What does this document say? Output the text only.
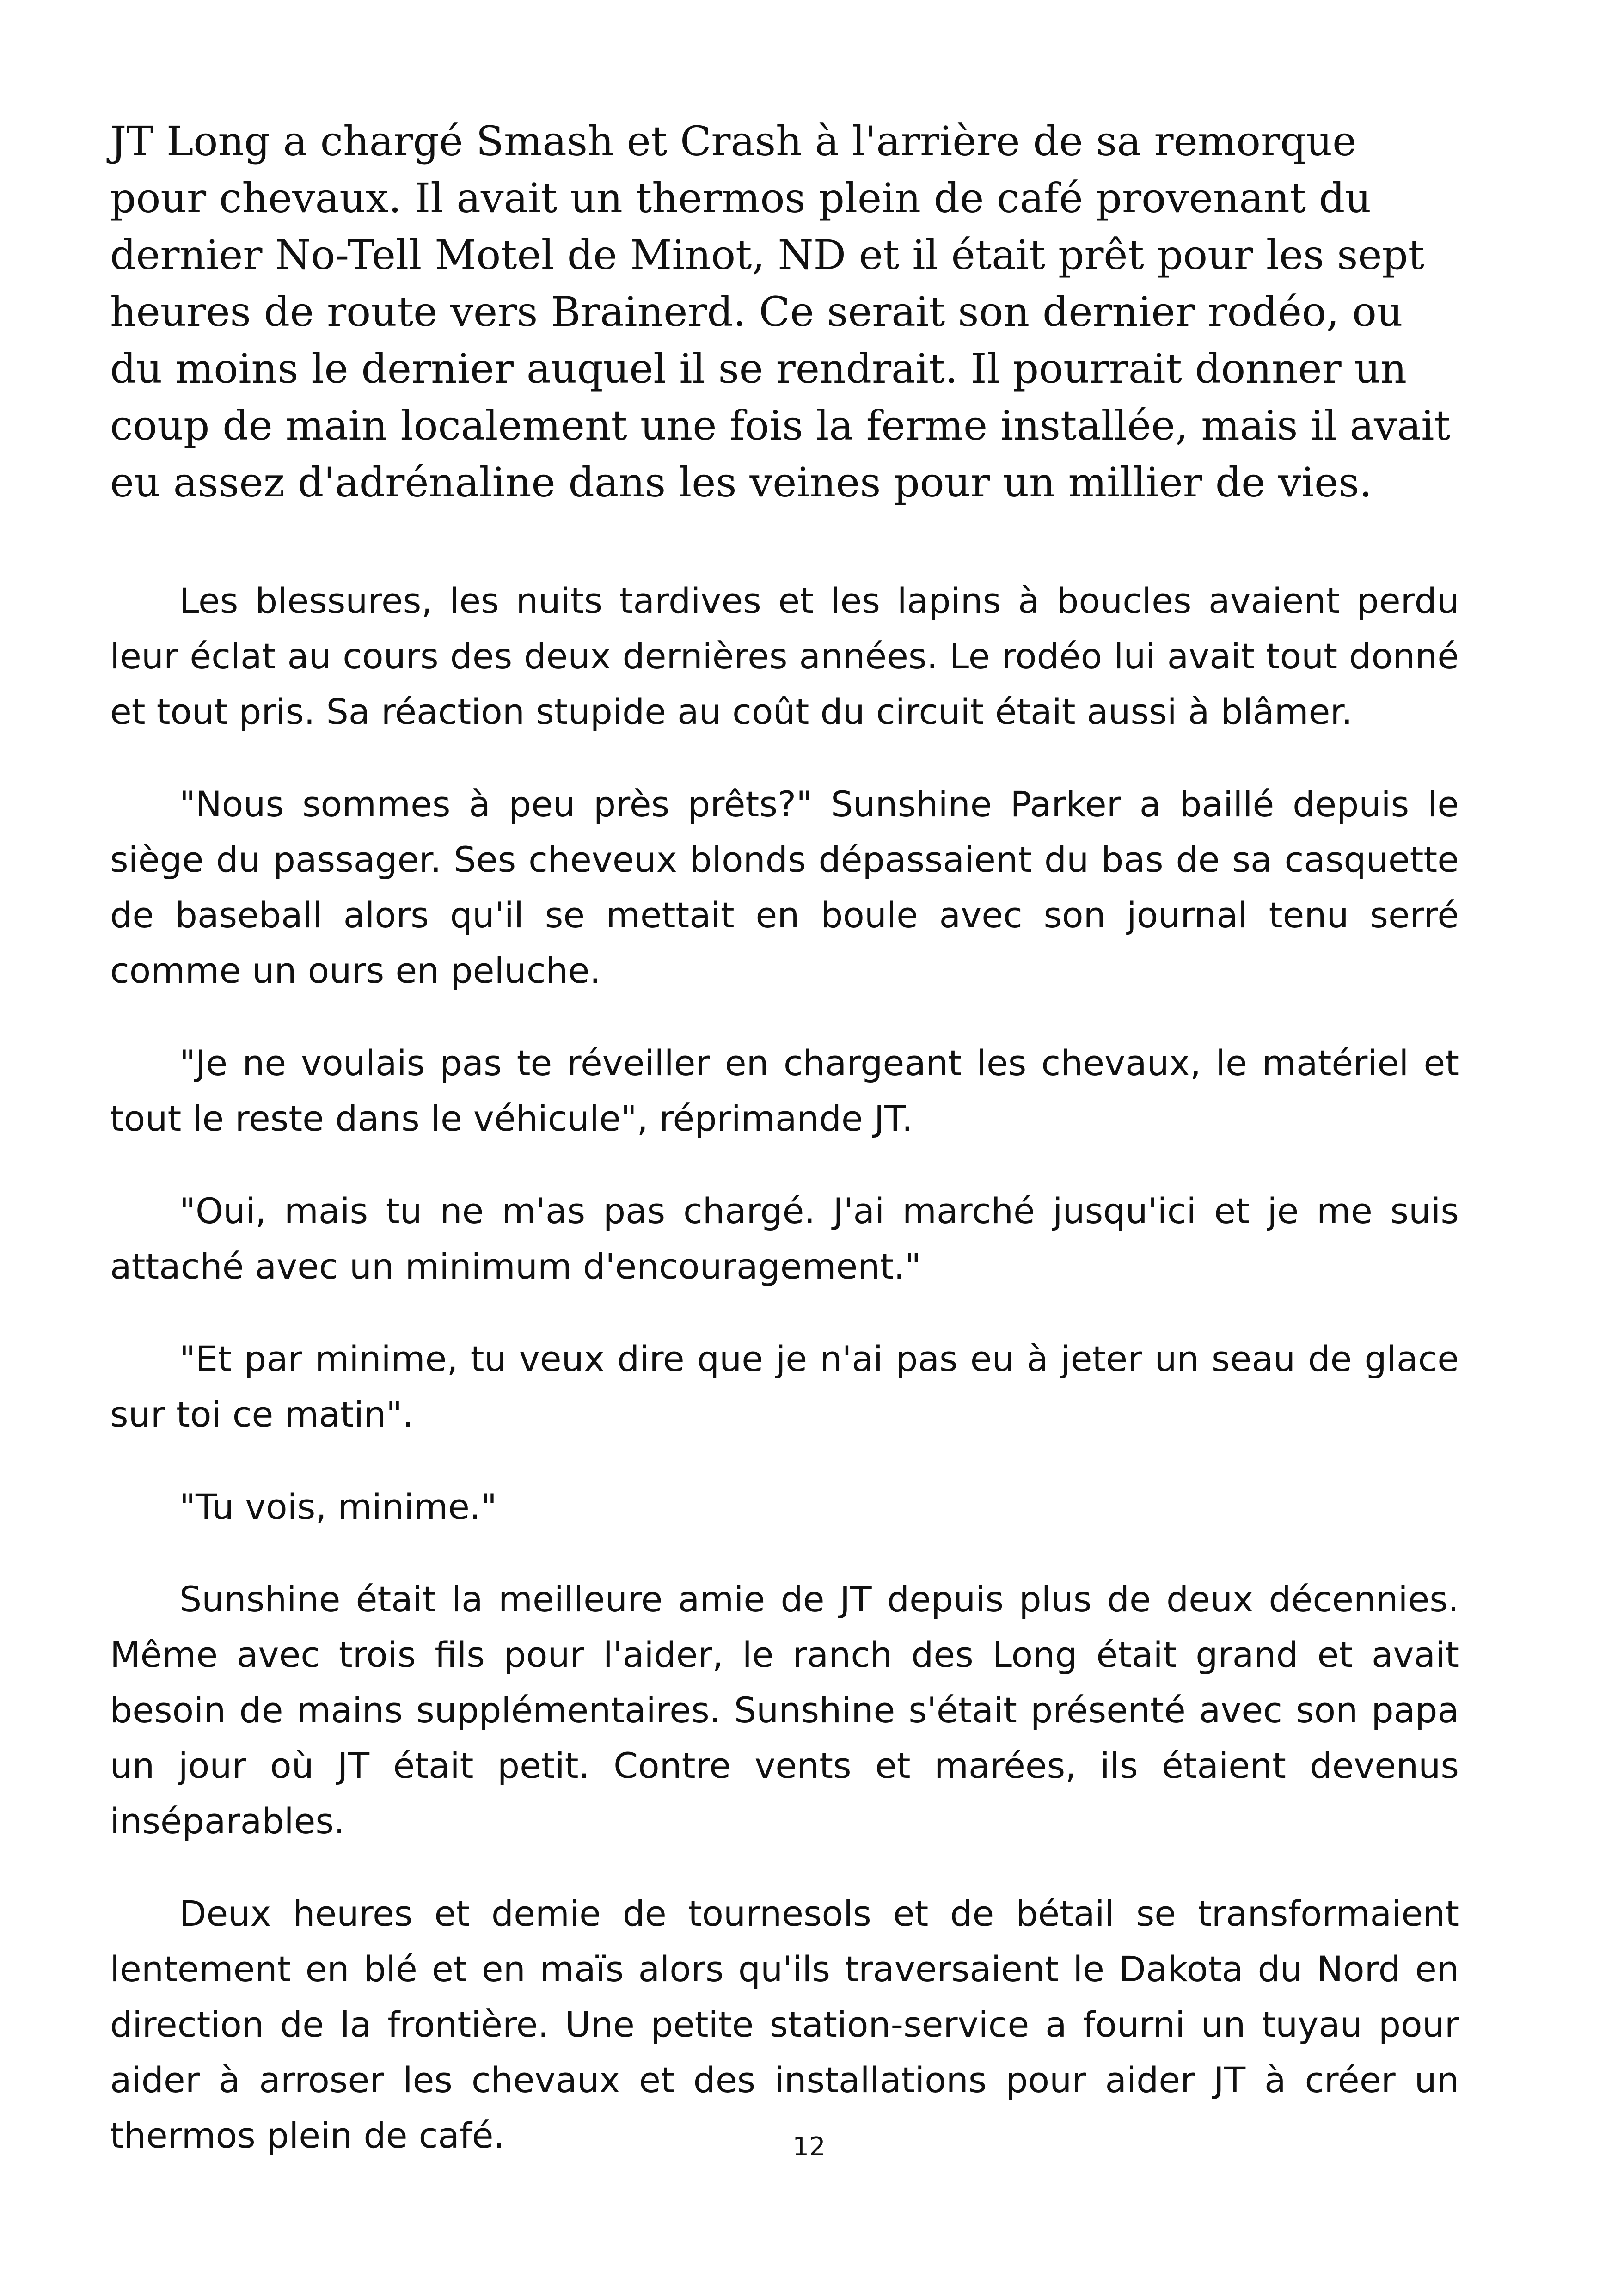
JT Long a chargé Smash et Crash à l'arrière de sa remorque pour chevaux. Il avait un thermos plein de café provenant du dernier No-Tell Motel de Minot, ND et il était prêt pour les sept heures de route vers Brainerd. Ce serait son dernier rodéo, ou du moins le dernier auquel il se rendrait. Il pourrait donner un coup de main localement une fois la ferme installée, mais il avait eu assez d'adrénaline dans les veines pour un millier de vies.

Les blessures, les nuits tardives et les lapins à boucles avaient perdu leur éclat au cours des deux dernières années. Le rodéo lui avait tout donné et tout pris. Sa réaction stupide au coût du circuit était aussi à blâmer.

"Nous sommes à peu près prêts?" Sunshine Parker a baillé depuis le siège du passager. Ses cheveux blonds dépassaient du bas de sa casquette de baseball alors qu'il se mettait en boule avec son journal tenu serré comme un ours en peluche.

"Je ne voulais pas te réveiller en chargeant les chevaux, le matériel et tout le reste dans le véhicule", réprimande JT.

"Oui, mais tu ne m'as pas chargé. J'ai marché jusqu'ici et je me suis attaché avec un minimum d'encouragement."

"Et par minime, tu veux dire que je n'ai pas eu à jeter un seau de glace sur toi ce matin".

"Tu vois, minime."

Sunshine était la meilleure amie de JT depuis plus de deux décennies. Même avec trois fils pour l'aider, le ranch des Long était grand et avait besoin de mains supplémentaires. Sunshine s'était présenté avec son papa un jour où JT était petit. Contre vents et marées, ils étaient devenus inséparables.

Deux heures et demie de tournesols et de bétail se transformaient lentement en blé et en maïs alors qu'ils traversaient le Dakota du Nord en direction de la frontière. Une petite station-service a fourni un tuyau pour aider à arroser les chevaux et des installations pour aider JT à créer un thermos plein de café.	12
